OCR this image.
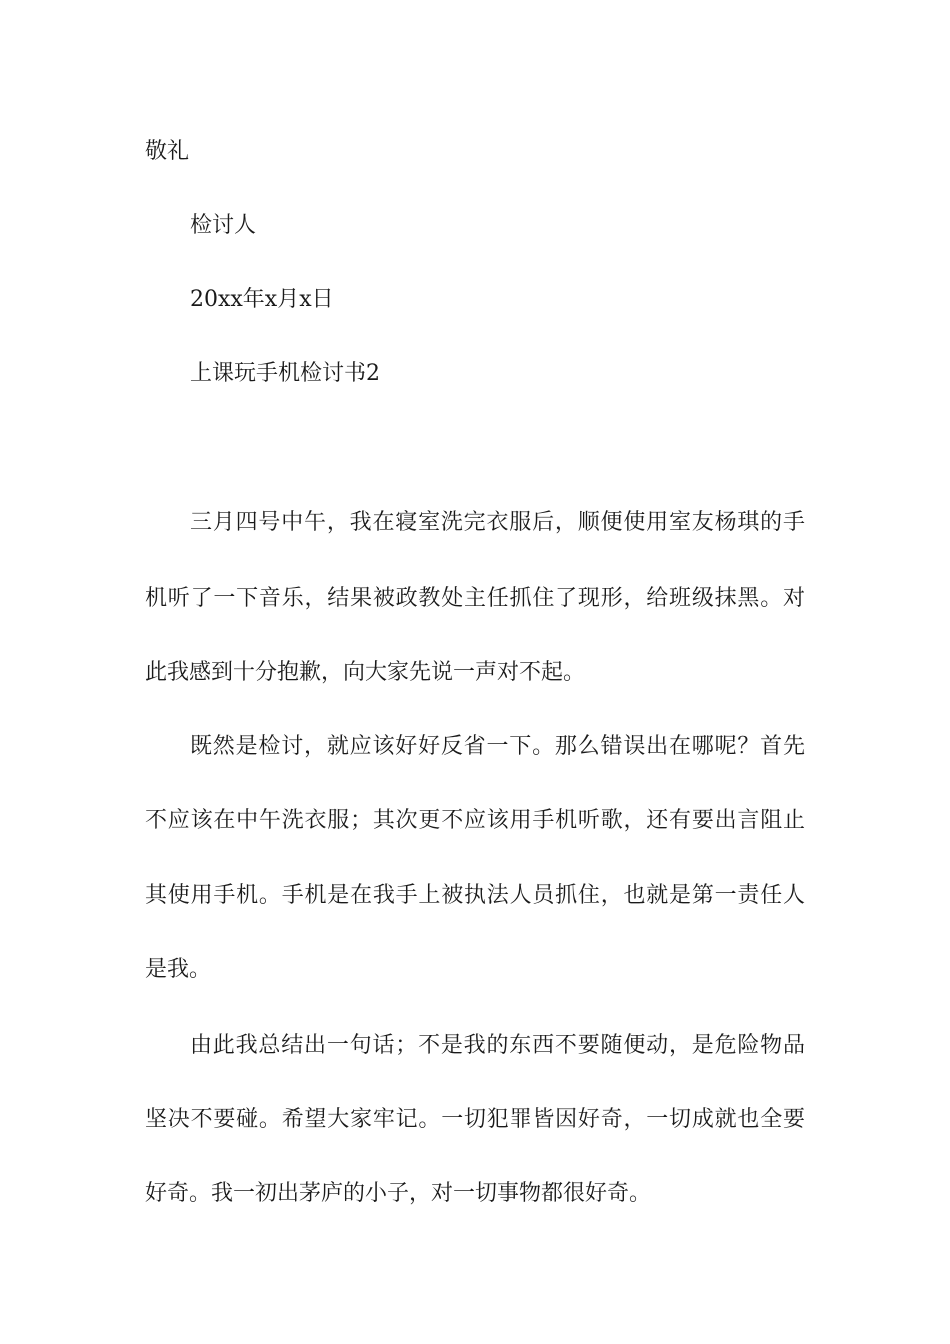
敬礼

检讨人

20xx年x月x日

上课玩手机检讨书2

三月四号中午，我在寝室洗完衣服后，顺便使用室友杨琪的手

机听了一下音乐，结果被政教处主任抓住了现形，给班级抹黑。对

此我感到十分抱歉，向大家先说一声对不起。

既然是检讨，就应该好好反省一下。那么错误出在哪呢？首先

不应该在中午洗衣服；其次更不应该用手机听歌，还有要出言阻止

其使用手机。手机是在我手上被执法人员抓住，也就是第一责任人

是我。

由此我总结出一句话；不是我的东西不要随便动，是危险物品

坚决不要碰。希望大家牢记。一切犯罪皆因好奇，一切成就也全要

好奇。我一初出茅庐的小子，对一切事物都很好奇。
